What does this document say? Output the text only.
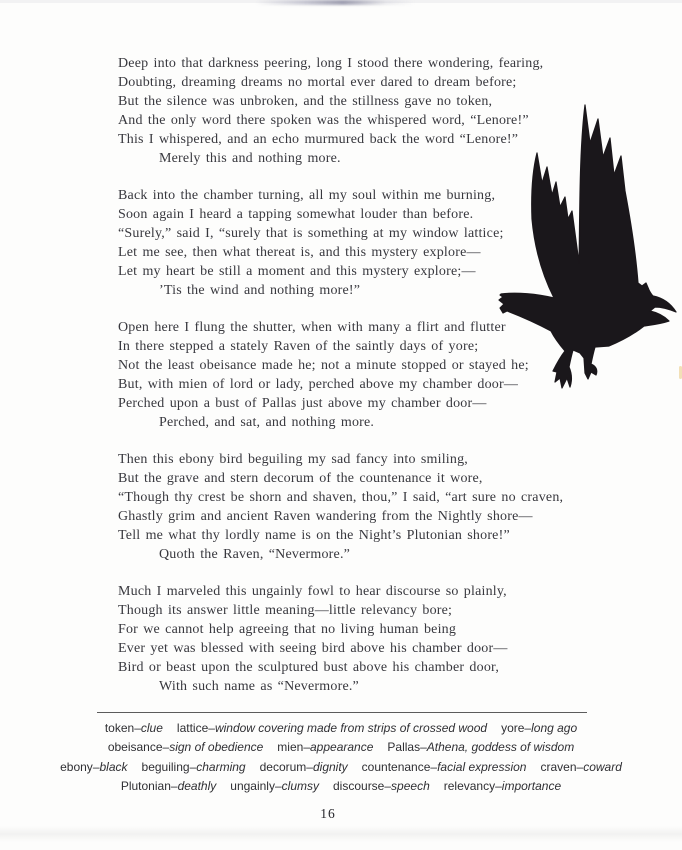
Deep into that darkness peering, long I stood there wondering, fearing,
Doubting, dreaming dreams no mortal ever dared to dream before;
But the silence was unbroken, and the stillness gave no token,
And the only word there spoken was the whispered word, “Lenore!”
This I whispered, and an echo murmured back the word “Lenore!”
Merely this and nothing more.
Back into the chamber turning, all my soul within me burning,
Soon again I heard a tapping somewhat louder than before.
“Surely,” said I, “surely that is something at my window lattice;
Let me see, then what thereat is, and this mystery explore—
Let my heart be still a moment and this mystery explore;—
’Tis the wind and nothing more!”
Open here I flung the shutter, when with many a flirt and flutter
In there stepped a stately Raven of the saintly days of yore;
Not the least obeisance made he; not a minute stopped or stayed he;
But, with mien of lord or lady, perched above my chamber door—
Perched upon a bust of Pallas just above my chamber door—
Perched, and sat, and nothing more.
Then this ebony bird beguiling my sad fancy into smiling,
But the grave and stern decorum of the countenance it wore,
“Though thy crest be shorn and shaven, thou,” I said, “art sure no craven,
Ghastly grim and ancient Raven wandering from the Nightly shore—
Tell me what thy lordly name is on the Night’s Plutonian shore!”
Quoth the Raven, “Nevermore.”
Much I marveled this ungainly fowl to hear discourse so plainly,
Though its answer little meaning—little relevancy bore;
For we cannot help agreeing that no living human being
Ever yet was blessed with seeing bird above his chamber door—
Bird or beast upon the sculptured bust above his chamber door,
With such name as “Nevermore.”
token–clue lattice–window covering made from strips of crossed wood yore–long ago
obeisance–sign of obedience mien–appearance Pallas–Athena, goddess of wisdom
ebony–black beguiling–charming decorum–dignity countenance–facial expression craven–coward
Plutonian–deathly ungainly–clumsy discourse–speech relevancy–importance
16
